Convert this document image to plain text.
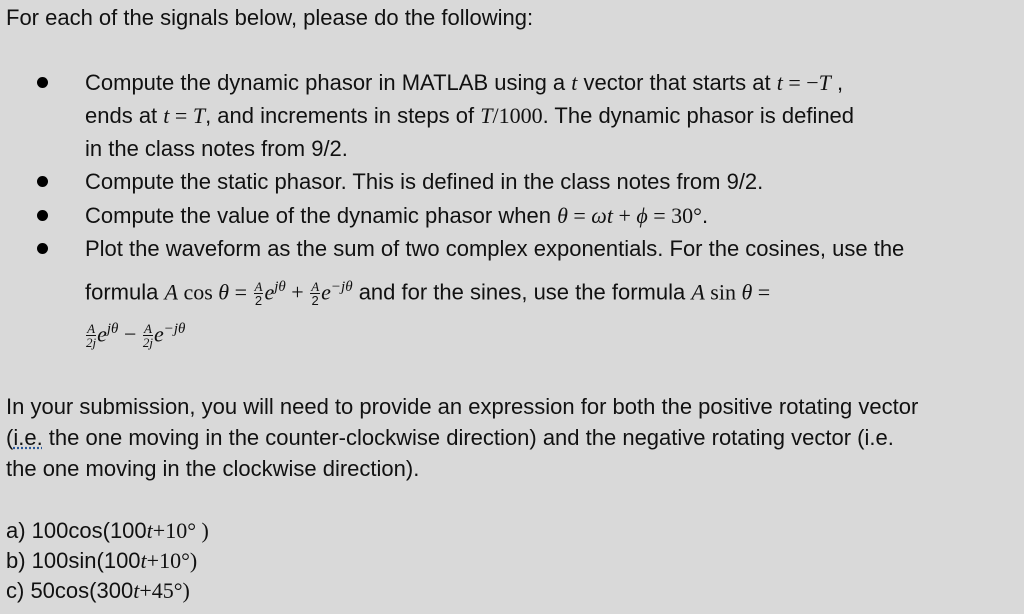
For each of the signals below, please do the following:
Compute the dynamic phasor in MATLAB using a t vector that starts at t = −T ,
ends at t = T, and increments in steps of T/1000. The dynamic phasor is defined
in the class notes from 9/2.
Compute the static phasor. This is defined in the class notes from 9/2.
Compute the value of the dynamic phasor when θ = ωt + ϕ = 30°.
Plot the waveform as the sum of two complex exponentials. For the cosines, use the
formula A $\cos \theta = \frac{A}{2} e^{j\theta} + \frac{A}{2} e^{-j\theta}$ and for the sines, use the formula A sin θ =
$\frac{A}{2j} e^{j\theta} - \frac{A}{2j} e^{-j\theta}$
In your submission, you will need to provide an expression for both the positive rotating vector
(i.e. the one moving in the counter-clockwise direction) and the negative rotating vector (i.e.
the one moving in the clockwise direction).
a) 100cos(100t+10° )
b) 100sin(100t+10°)
c) 50cos(300t+45°)
